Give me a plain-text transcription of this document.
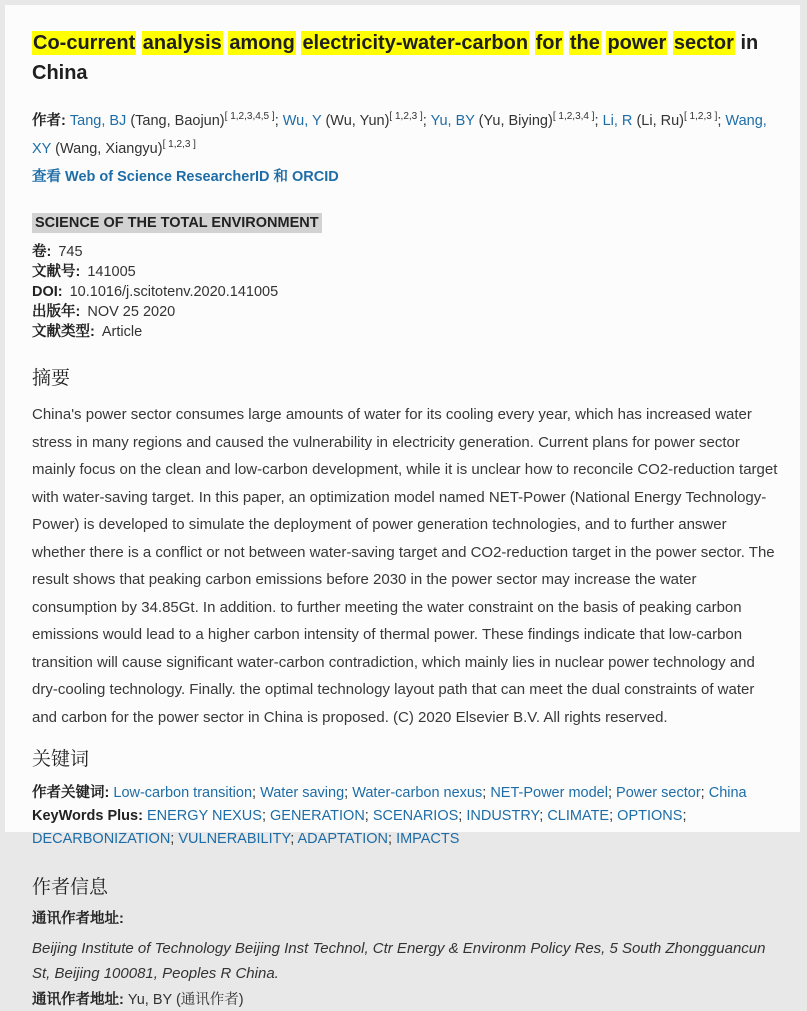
Co-current analysis among electricity-water-carbon for the power sector in China

作者: Tang, BJ (Tang, Baojun)[ 1,2,3,4,5 ]; Wu, Y (Wu, Yun)[ 1,2,3 ]; Yu, BY (Yu, Biying)[ 1,2,3,4 ]; Li, R (Li, Ru)[ 1,2,3 ]; Wang, XY (Wang, Xiangyu)[ 1,2,3 ]

查看 Web of Science ResearcherID 和 ORCID

SCIENCE OF THE TOTAL ENVIRONMENT

卷: 745

文献号: 141005

DOI: 10.1016/j.scitotenv.2020.141005

出版年: NOV 25 2020

文献类型: Article

摘要

China's power sector consumes large amounts of water for its cooling every year, which has increased water stress in many regions and caused the vulnerability in electricity generation. Current plans for power sector mainly focus on the clean and low-carbon development, while it is unclear how to reconcile CO2-reduction target with water-saving target. In this paper, an optimization model named NET-Power (National Energy Technology-Power) is developed to simulate the deployment of power generation technologies, and to further answer whether there is a conflict or not between water-saving target and CO2-reduction target in the power sector. The result shows that peaking carbon emissions before 2030 in the power sector may increase the water consumption by 34.85Gt. In addition. to further meeting the water constraint on the basis of peaking carbon emissions would lead to a higher carbon intensity of thermal power. These findings indicate that low-carbon transition will cause significant water-carbon contradiction, which mainly lies in nuclear power technology and dry-cooling technology. Finally. the optimal technology layout path that can meet the dual constraints of water and carbon for the power sector in China is proposed. (C) 2020 Elsevier B.V. All rights reserved.

关键词

作者关键词: Low-carbon transition; Water saving; Water-carbon nexus; NET-Power model; Power sector; China

KeyWords Plus: ENERGY NEXUS; GENERATION; SCENARIOS; INDUSTRY; CLIMATE; OPTIONS; DECARBONIZATION; VULNERABILITY; ADAPTATION; IMPACTS

作者信息

通讯作者地址:

Beijing Institute of Technology Beijing Inst Technol, Ctr Energy & Environm Policy Res, 5 South Zhongguancun St, Beijing 100081, Peoples R China.

通讯作者地址: Yu, BY (通讯作者)
